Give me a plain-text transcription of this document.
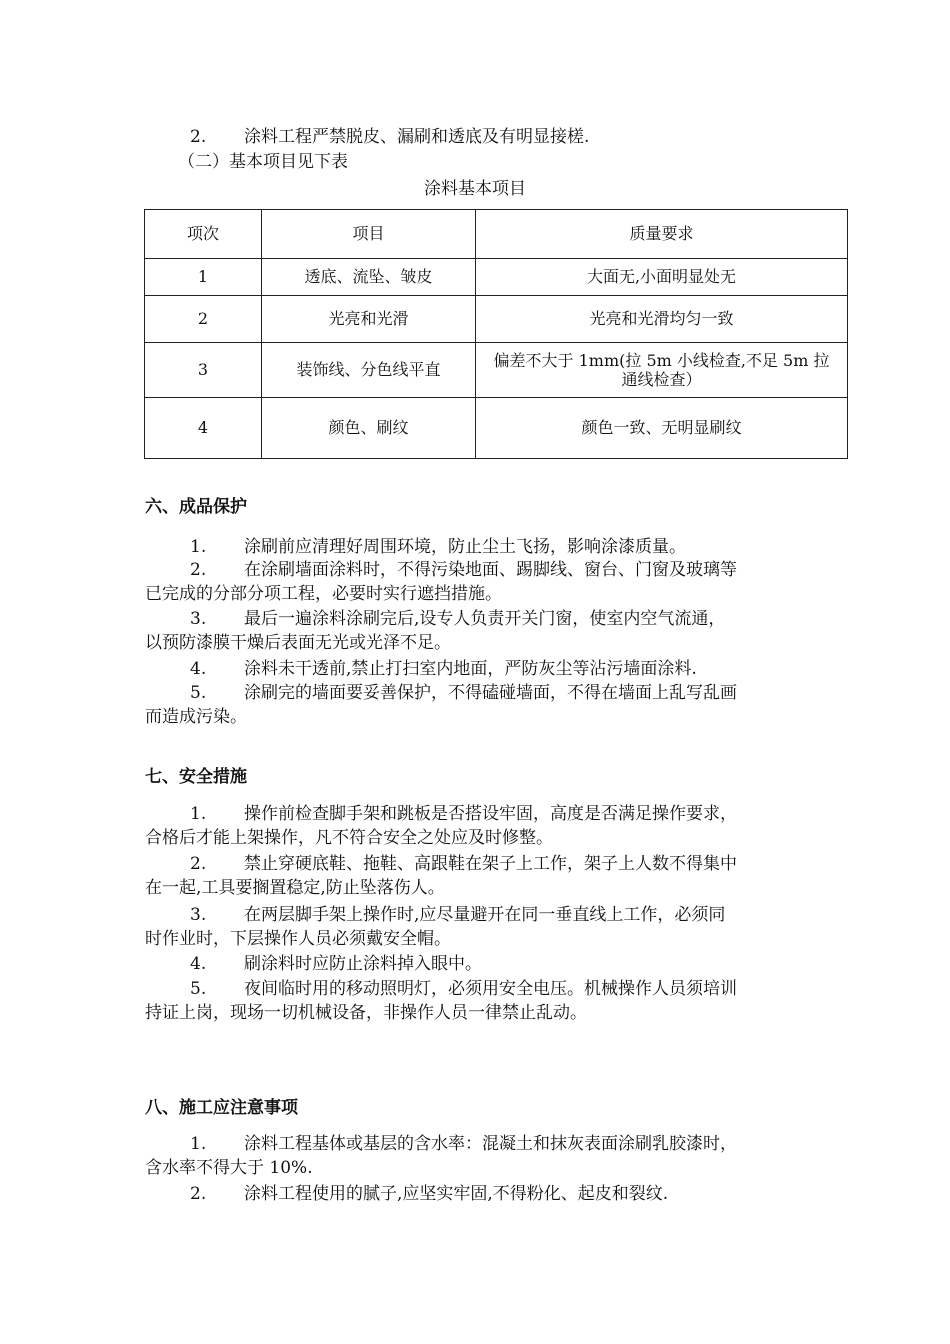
2. 涂料工程严禁脱皮、漏刷和透底及有明显接槎.
（二）基本项目见下表
涂料基本项目
项次	项目	质量要求
1	透底、流坠、皱皮	大面无,小面明显处无
2	光亮和光滑	光亮和光滑均匀一致
3	装饰线、分色线平直	偏差不大于 1mm(拉 5m 小线检查,不足 5m 拉
通线检查）

4	颜色、刷纹	颜色一致、无明显刷纹
六、成品保护
1. 涂刷前应清理好周围环境，防止尘土飞扬，影响涂漆质量。
2. 在涂刷墙面涂料时，不得污染地面、踢脚线、窗台、门窗及玻璃等
已完成的分部分项工程，必要时实行遮挡措施。
3. 最后一遍涂料涂刷完后,设专人负责开关门窗，使室内空气流通，
以预防漆膜干燥后表面无光或光泽不足。
4. 涂料未干透前,禁止打扫室内地面，严防灰尘等沾污墙面涂料.
5. 涂刷完的墙面要妥善保护，不得磕碰墙面，不得在墙面上乱写乱画
而造成污染。
七、安全措施
1. 操作前检查脚手架和跳板是否搭设牢固，高度是否满足操作要求，
合格后才能上架操作，凡不符合安全之处应及时修整。
2. 禁止穿硬底鞋、拖鞋、高跟鞋在架子上工作，架子上人数不得集中
在一起,工具要搁置稳定,防止坠落伤人。
3. 在两层脚手架上操作时,应尽量避开在同一垂直线上工作，必须同
时作业时，下层操作人员必须戴安全帽。
4. 刷涂料时应防止涂料掉入眼中。
5. 夜间临时用的移动照明灯，必须用安全电压。机械操作人员须培训
持证上岗，现场一切机械设备，非操作人员一律禁止乱动。
八、施工应注意事项
1. 涂料工程基体或基层的含水率：混凝土和抹灰表面涂刷乳胶漆时，
含水率不得大于 10%.
2. 涂料工程使用的腻子,应坚实牢固,不得粉化、起皮和裂纹.
